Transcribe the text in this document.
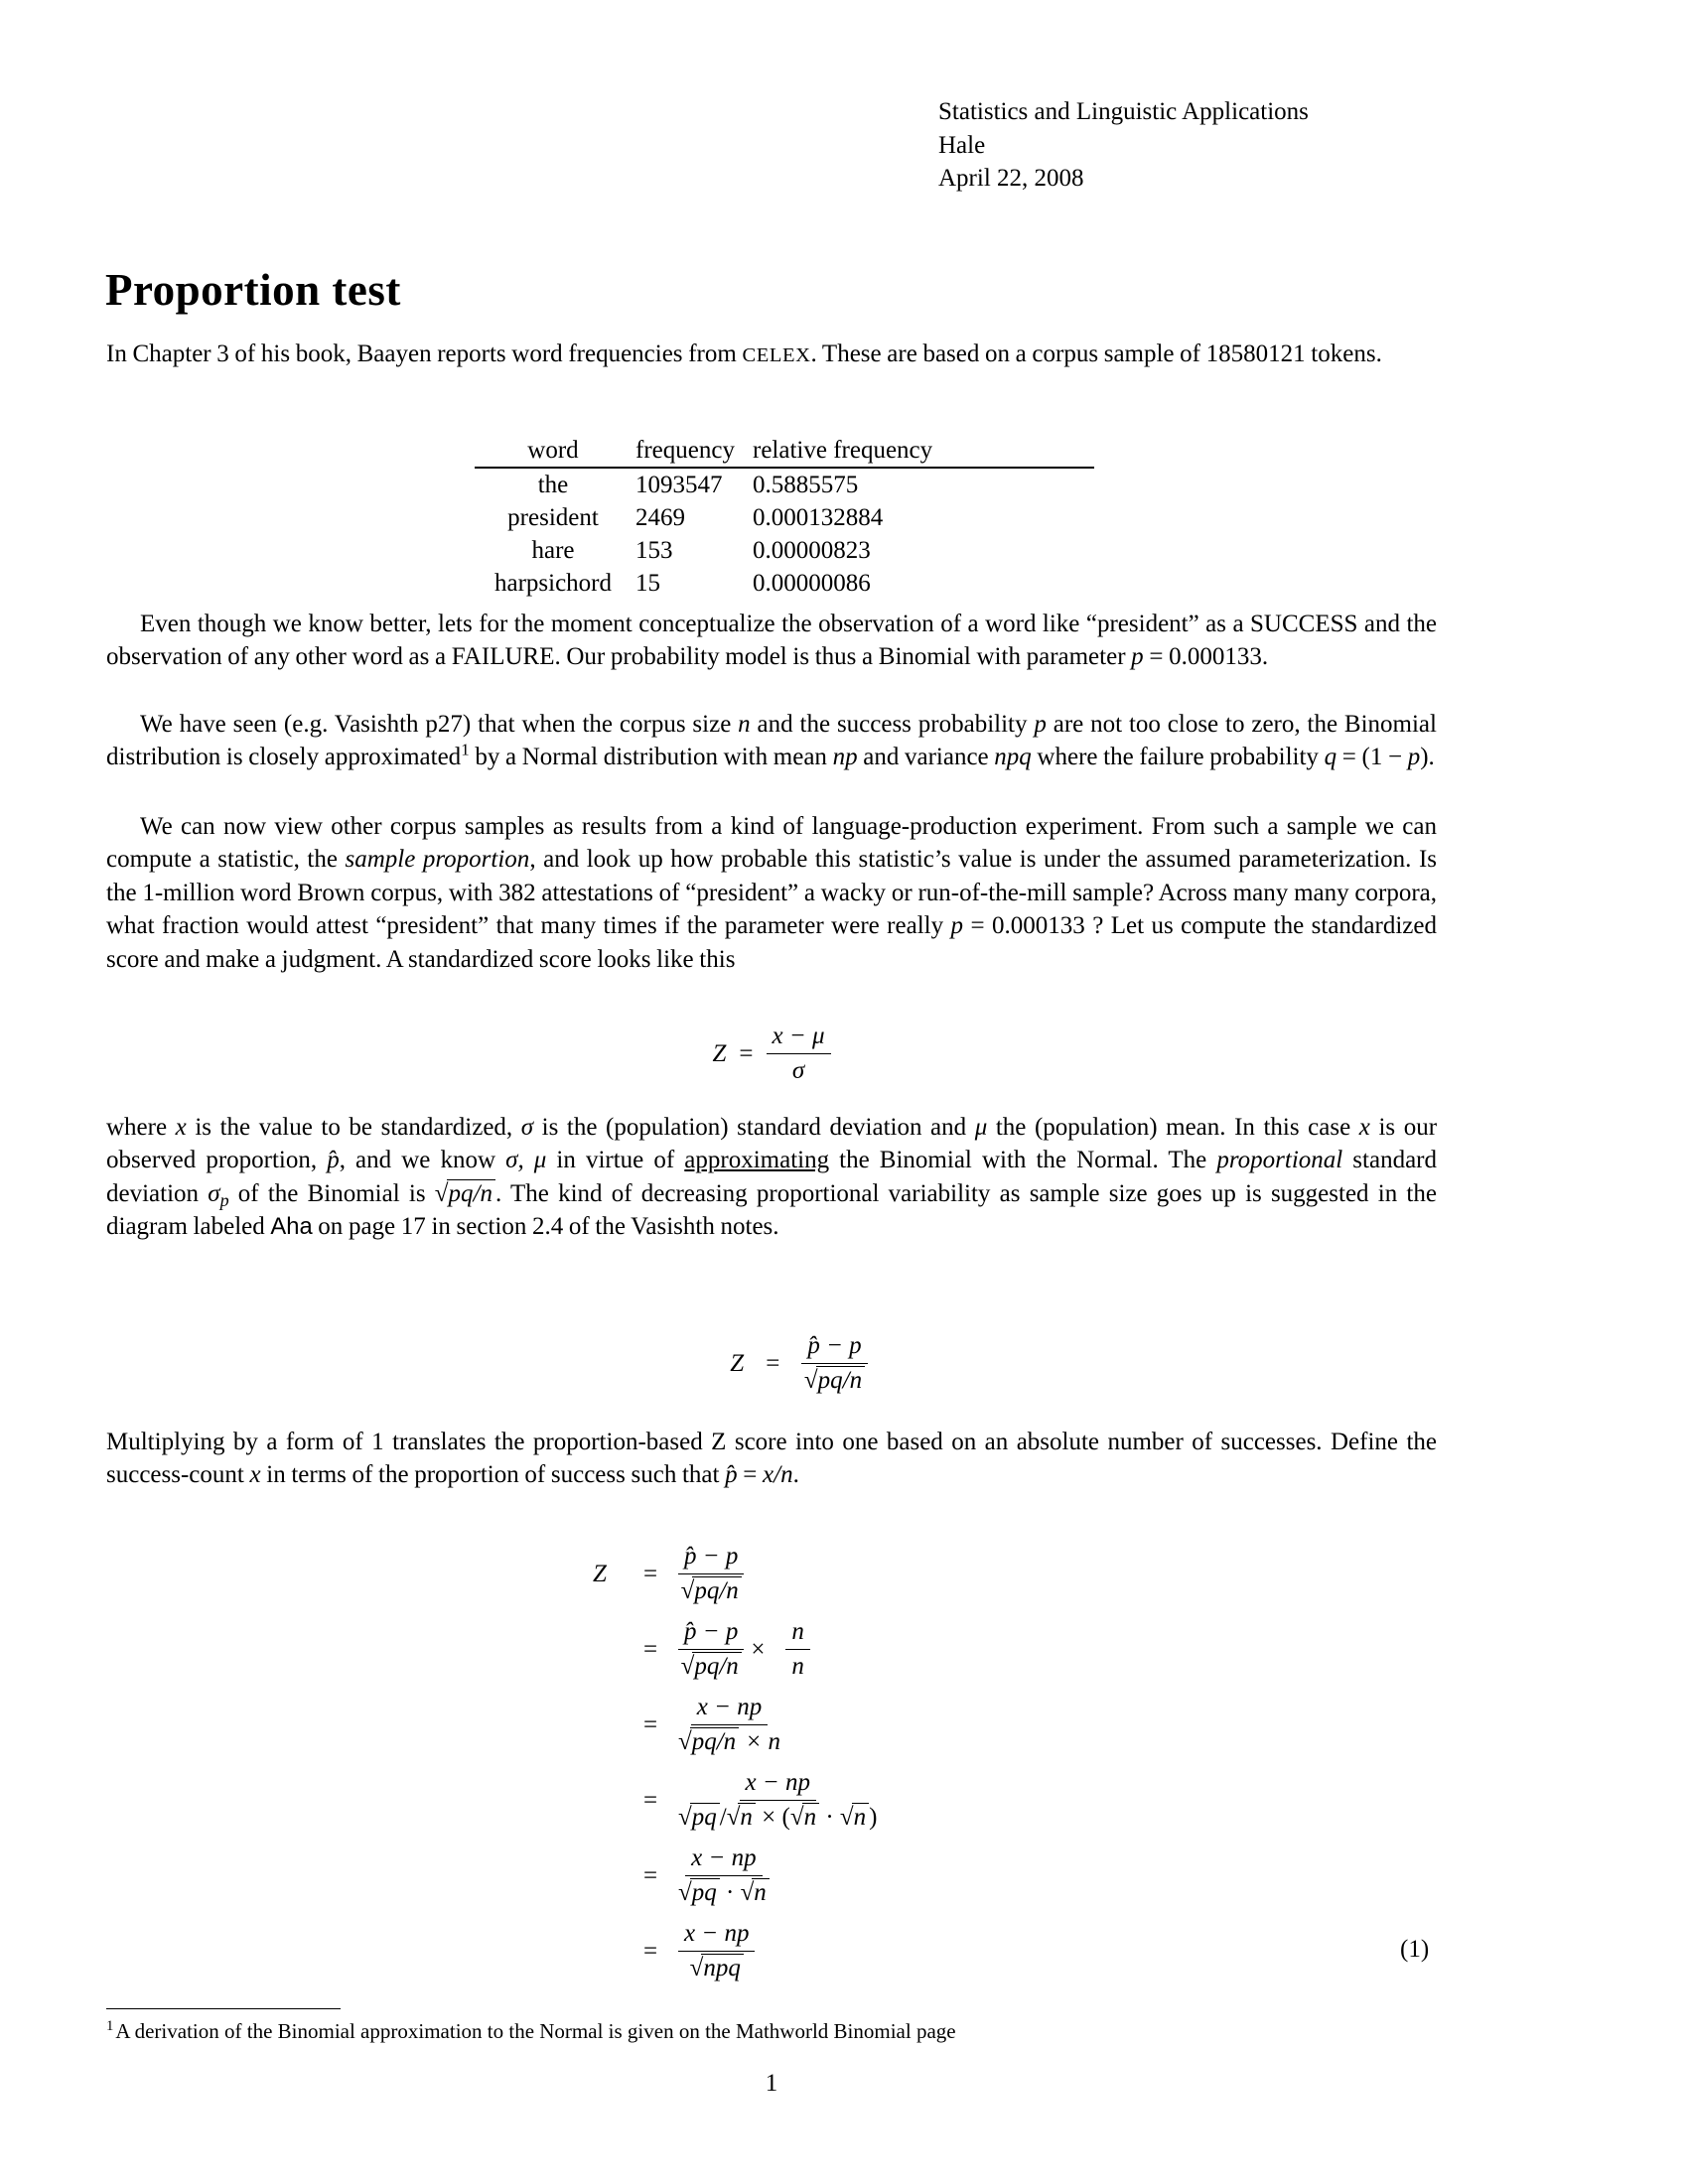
Statistics and Linguistic Applications
Hale
April 22, 2008
Proportion test

In Chapter 3 of his book, Baayen reports word frequencies from CELEX. These are based on a corpus sample of 18580121 tokens.

word	frequency	relative frequency
the	1093547	0.5885575
president	2469	0.000132884
hare	153	0.00000823
harpsichord	15	0.00000086

Even though we know better, lets for the moment conceptualize the observation of a word like “president” as a SUCCESS and the observation of any other word as a FAILURE. Our probability model is thus a Binomial with parameter p = 0.000133.

We have seen (e.g. Vasishth p27) that when the corpus size n and the success probability p are not too close to zero, the Binomial distribution is closely approximated$^1$ by a Normal distribution with mean np and variance npq where the failure probability q = (1 − p).

We can now view other corpus samples as results from a kind of language-production experiment. From such a sample we can compute a statistic, the sample proportion, and look up how probable this statistic’s value is under the assumed parameterization. Is the 1-million word Brown corpus, with 382 attestations of “president” a wacky or run-of-the-mill sample? Across many many corpora, what fraction would attest “president” that many times if the parameter were really p = 0.000133 ? Let us compute the standardized score and make a judgment. A standardized score looks like this

$Z = \frac{x - \mu}{\sigma}$

where x is the value to be standardized, σ is the (population) standard deviation and μ the (population) mean. In this case x is our observed proportion, p̂, and we know σ, μ in virtue of approximating the Binomial with the Normal. The proportional standard deviation $\sigma_p$ of the Binomial is √pq/n . The kind of decreasing proportional variability as sample size goes up is suggested in the diagram labeled Aha on page 17 in section 2.4 of the Vasishth notes.

$Z = \frac{p̂ - p}{√pq/n}$

Multiplying by a form of 1 translates the proportion-based Z score into one based on an absolute number of successes. Define the success-count x in terms of the proportion of success such that p̂ = x/n.

Z	= $\frac{p̂ - p}{√pq/n}$
= $\frac{p̂ - p}{√pq/n} \times \frac{n}{n}$
= $\frac{x - np}{√pq/n \times n}$
= $\frac{x - np}{√pq /√n \times (√n \cdot √n )}$
= $\frac{x - np}{√pq \cdot √n}$
= $\frac{x - np}{\text{√npq}}$	(1)
$^1$A derivation of the Binomial approximation to the Normal is given on the Mathworld Binomial page
1
